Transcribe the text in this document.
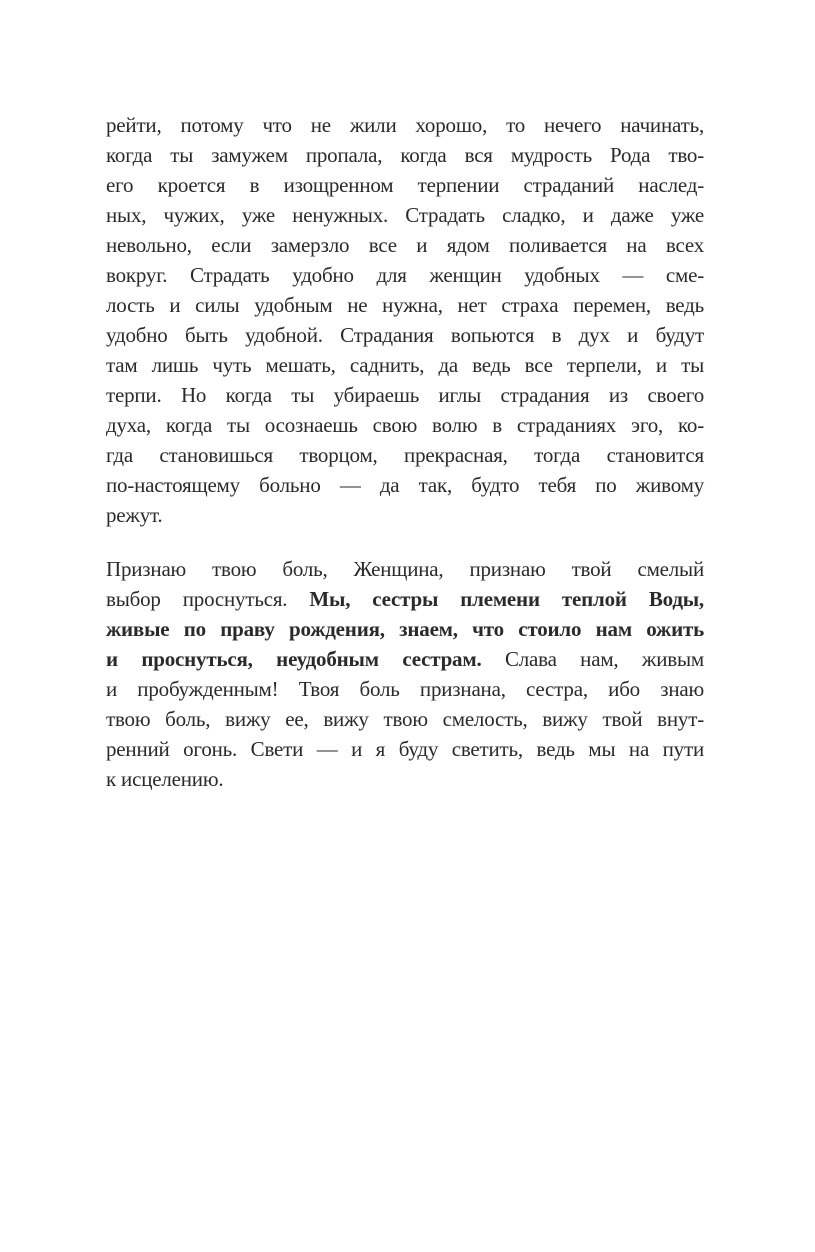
рейти, потому что не жили хорошо, то нечего начинать,
когда ты замужем пропала, когда вся мудрость Рода тво-
его кроется в изощренном терпении страданий наслед-
ных, чужих, уже ненужных. Страдать сладко, и даже уже
невольно, если замерзло все и ядом поливается на всех
вокруг. Страдать удобно для женщин удобных — сме-
лость и силы удобным не нужна, нет страха перемен, ведь
удобно быть удобной. Страдания вопьются в дух и будут
там лишь чуть мешать, саднить, да ведь все терпели, и ты
терпи. Но когда ты убираешь иглы страдания из своего
духа, когда ты осознаешь свою волю в страданиях эго, ко-
гда становишься творцом, прекрасная, тогда становится
по-настоящему больно — да так, будто тебя по живому
режут.
Признаю твою боль, Женщина, признаю твой смелый
выбор проснуться. Мы, сестры племени теплой Воды,
живые по праву рождения, знаем, что стоило нам ожить
и проснуться, неудобным сестрам. Слава нам, живым
и пробужденным! Твоя боль признана, сестра, ибо знаю
твою боль, вижу ее, вижу твою смелость, вижу твой внут-
ренний огонь. Свети — и я буду светить, ведь мы на пути
к исцелению.
